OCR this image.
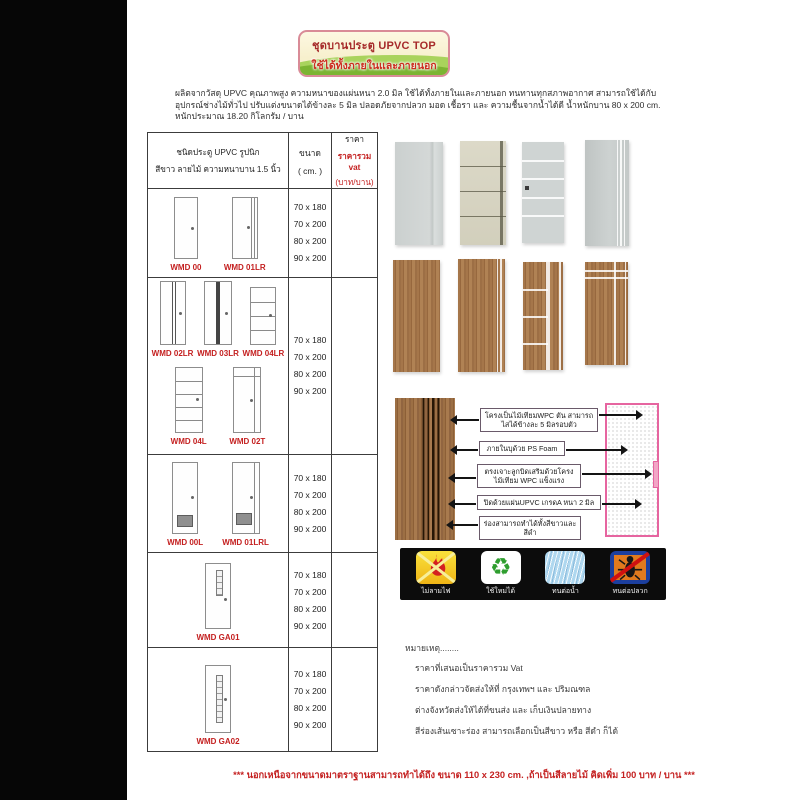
ชุดบานประตู UPVC TOP
ใช้ได้ทั้งภายในและภายนอก
ผลิตจากวัสดุ UPVC คุณภาพสูง ความหนาของแผ่นหนา 2.0 มิล ใช้ได้ทั้งภายในและภายนอก ทนทานทุกสภาพอากาศ สามารถใช้ได้กับอุปกรณ์ช่างไม้ทั่วไป ปรับแต่งขนาดได้ข้างละ 5 มิล ปลอดภัยจากปลวก มอด เชื้อรา และ ความชื้นจากน้ำได้ดี น้ำหนักบาน 80 x 200 cm. หนักประมาณ 18.20 กิโลกรัม / บาน
ชนิดประตู UPVC รูปนิก
สีขาว ลายไม้ ความหนาบาน 1.5 นิ้ว
ขนาด
( cm. )
ราคา
ราคารวม vat
(บาท/บาน)
WMD 00	WMD 01LR
70 x 180
70 x 200
80 x 200
90 x 200
WMD 02LR WMD 03LR WMD 04LR
WMD 04L	WMD 02T
70 x 180
70 x 200
80 x 200
90 x 200
WMD 00L WMD 01LRL
70 x 180
70 x 200
80 x 200
90 x 200
WMD GA01
70 x 180
70 x 200
80 x 200
90 x 200
WMD GA02
70 x 180
70 x 200
80 x 200
90 x 200
โครงเป็นไม้เทียมWPC ตัน สามารถไสได้ข้างละ 5 มิลรอบตัว
ภายในบุด้วย PS Foam
ตรงเจาะลูกบิดเสริมด้วยโครงไม้เทียม WPC แข็งแรง
ปิดด้วยแผ่นUPVC เกรดA หนา 2 มิล
ร่องสามารถทำได้ทั้งสีขาวและสีดำ
ไม่ลามไฟ
♻
ใช้ใหม่ได้	ทนต่อน้ำ	ทนต่อปลวก
หมายเหตุ........
ราคาที่เสนอเป็นราคารวม Vat
ราคาดังกล่าวจัดส่งให้ที่ กรุงเทพฯ และ ปริมณฑล
ต่างจังหวัดส่งให้ได้ที่ขนส่ง และ เก็บเงินปลายทาง
สีร่องเส้นเซาะร่อง สามารถเลือกเป็นสีขาว หรือ สีดำ ก็ได้
*** นอกเหนือจากขนาดมาตราฐานสามารถทำได้ถึง ขนาด 110 x 230 cm. ,ถ้าเป็นสีลายไม้ คิดเพิ่ม 100 บาท / บาน ***
